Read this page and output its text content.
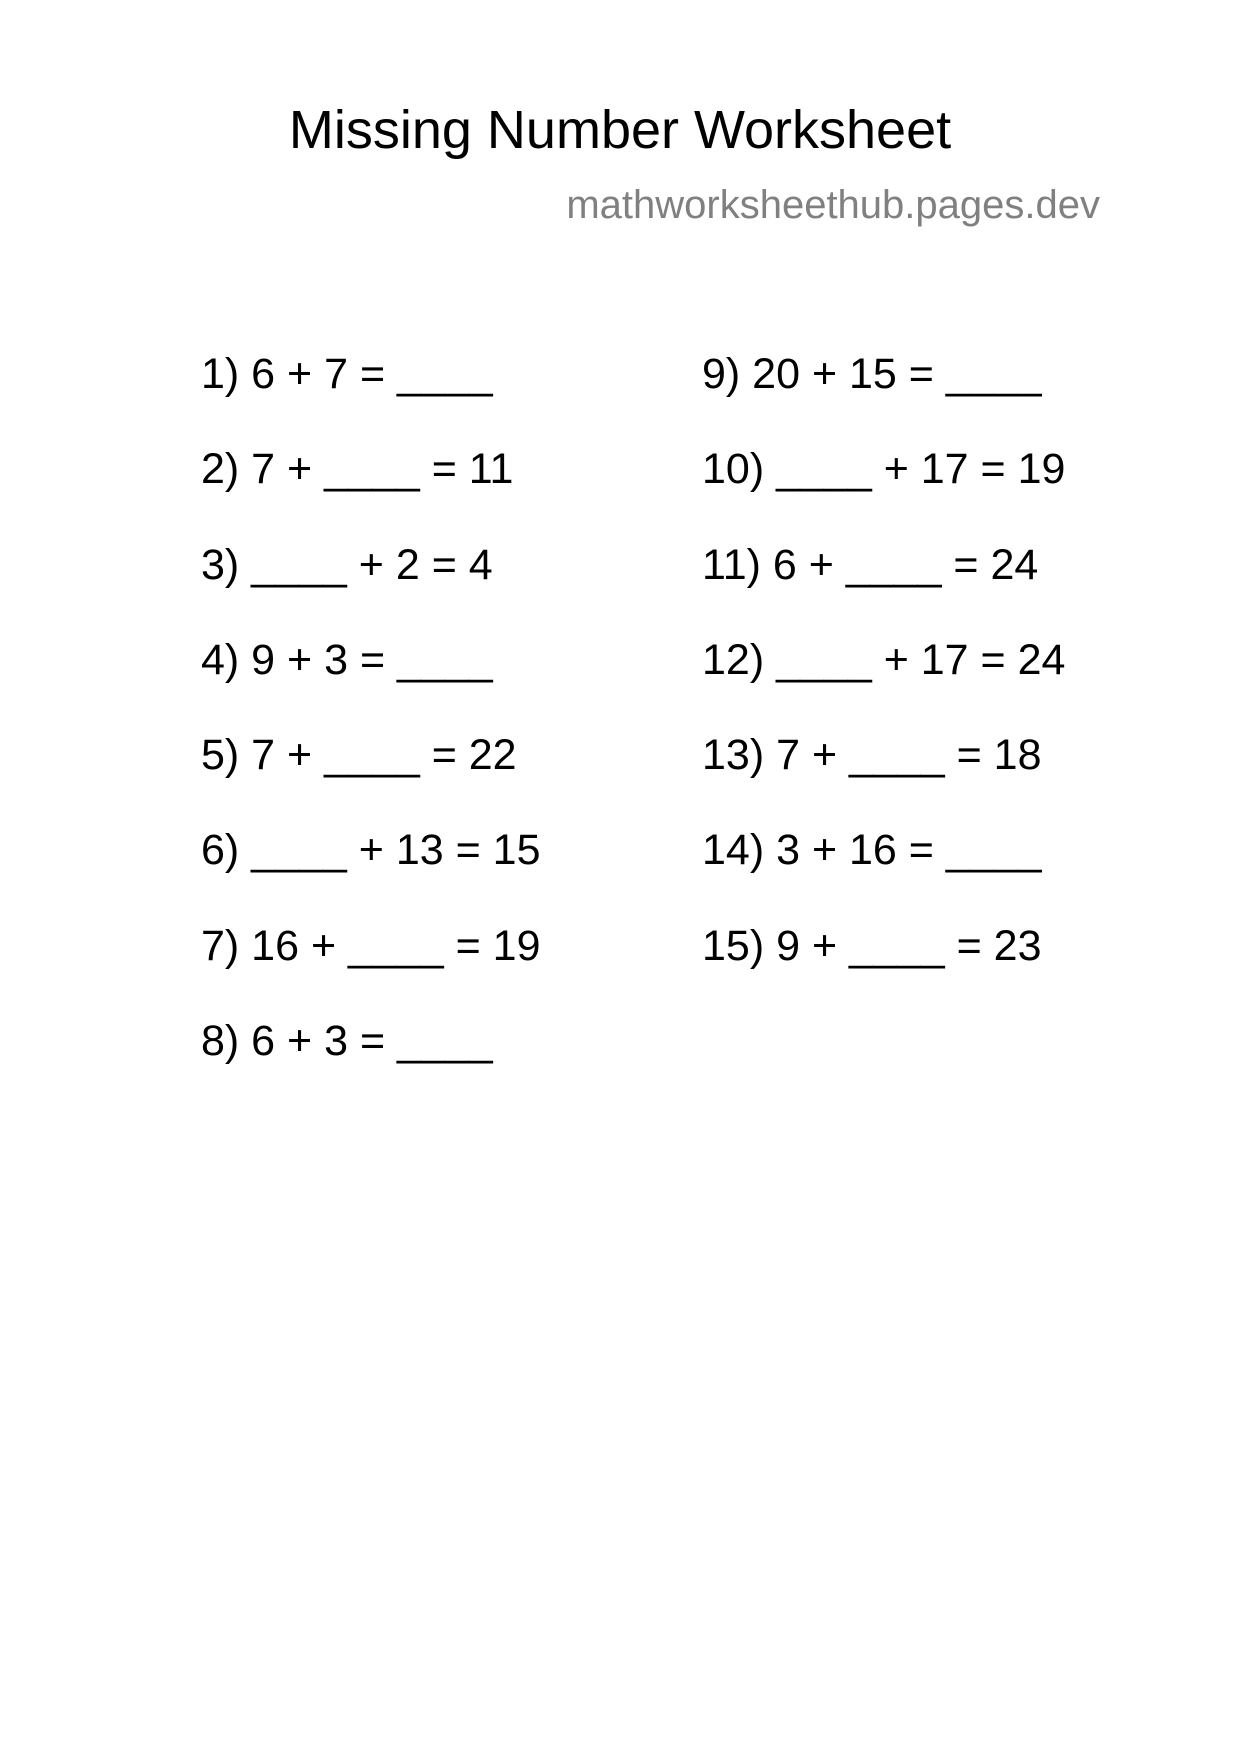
Missing Number Worksheet
mathworksheethub.pages.dev
1) 6 + 7 = ____
2) 7 + ____ = 11
3) ____ + 2 = 4
4) 9 + 3 = ____
5) 7 + ____ = 22
6) ____ + 13 = 15
7) 16 + ____ = 19
8) 6 + 3 = ____
9) 20 + 15 = ____
10) ____ + 17 = 19
11) 6 + ____ = 24
12) ____ + 17 = 24
13) 7 + ____ = 18
14) 3 + 16 = ____
15) 9 + ____ = 23
